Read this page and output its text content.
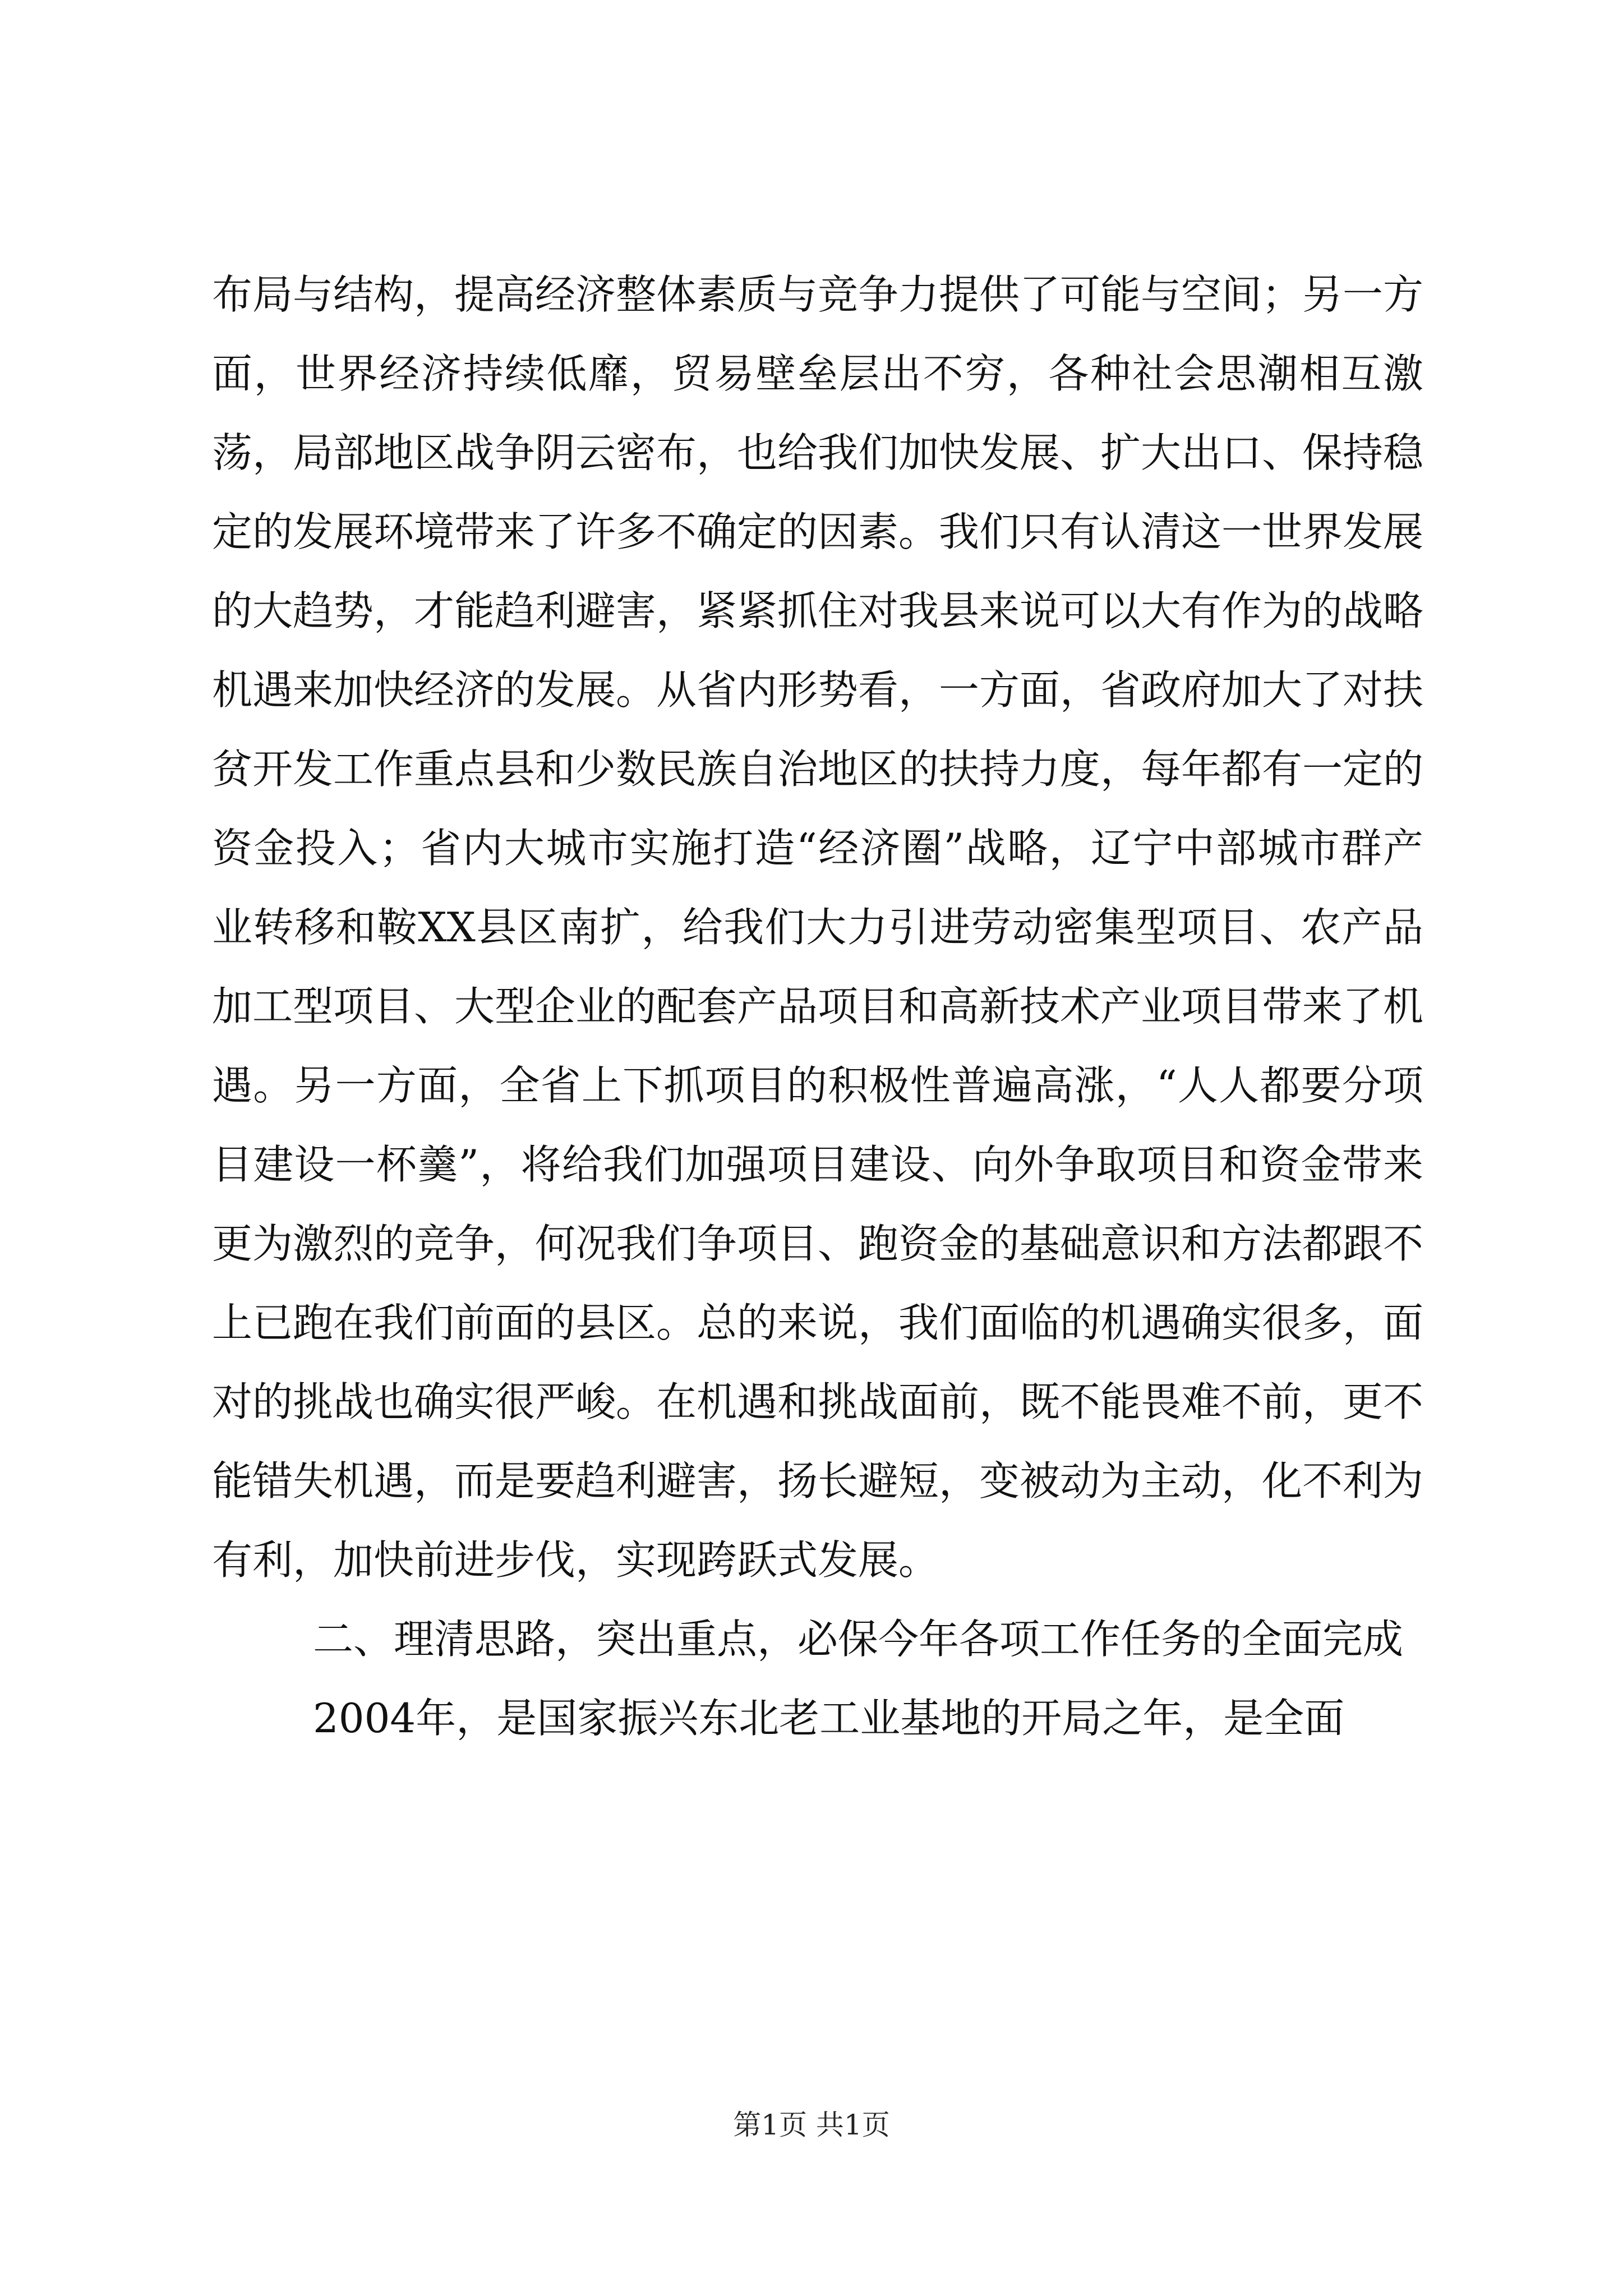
布局与结构，提高经济整体素质与竞争力提供了可能与空间；另一方面，世界经济持续低靡，贸易壁垒层出不穷，各种社会思潮相互激荡，局部地区战争阴云密布，也给我们加快发展、扩大出口、保持稳定的发展环境带来了许多不确定的因素。我们只有认清这一世界发展的大趋势，才能趋利避害，紧紧抓住对我县来说可以大有作为的战略机遇来加快经济的发展。从省内形势看，一方面，省政府加大了对扶贫开发工作重点县和少数民族自治地区的扶持力度，每年都有一定的资金投入；省内大城市实施打造“经济圈”战略，辽宁中部城市群产业转移和鞍XX县区南扩，给我们大力引进劳动密集型项目、农产品加工型项目、大型企业的配套产品项目和高新技术产业项目带来了机遇。另一方面，全省上下抓项目的积极性普遍高涨，“人人都要分项目建设一杯羹”，将给我们加强项目建设、向外争取项目和资金带来更为激烈的竞争，何况我们争项目、跑资金的基础意识和方法都跟不上已跑在我们前面的县区。总的来说，我们面临的机遇确实很多，面对的挑战也确实很严峻。在机遇和挑战面前，既不能畏难不前，更不能错失机遇，而是要趋利避害，扬长避短，变被动为主动，化不利为有利，加快前进步伐，实现跨跃式发展。

二、理清思路，突出重点，必保今年各项工作任务的全面完成

2004年，是国家振兴东北老工业基地的开局之年，是全面

第1页 共1页
